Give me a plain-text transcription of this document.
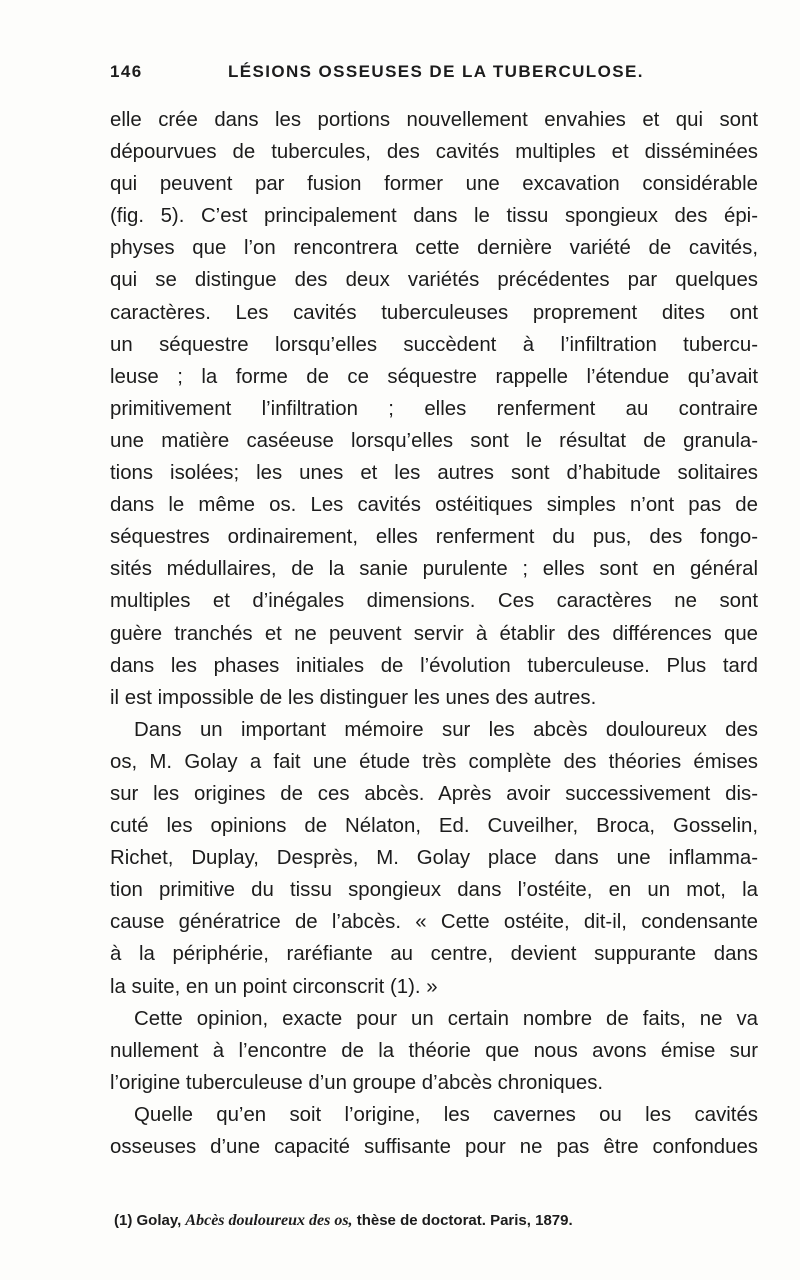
146	LÉSIONS OSSEUSES DE LA TUBERCULOSE.
elle crée dans les portions nouvellement envahies et qui sont
dépourvues de tubercules, des cavités multiples et disséminées
qui peuvent par fusion former une excavation considérable
(fig. 5). C’est principalement dans le tissu spongieux des épi-
physes que l’on rencontrera cette dernière variété de cavités,
qui se distingue des deux variétés précédentes par quelques
caractères. Les cavités tuberculeuses proprement dites ont
un séquestre lorsqu’elles succèdent à l’infiltration tubercu-
leuse ; la forme de ce séquestre rappelle l’étendue qu’avait
primitivement l’infiltration ; elles renferment au contraire
une matière caséeuse lorsqu’elles sont le résultat de granula-
tions isolées; les unes et les autres sont d’habitude solitaires
dans le même os. Les cavités ostéitiques simples n’ont pas de
séquestres ordinairement, elles renferment du pus, des fongo-
sités médullaires, de la sanie purulente ; elles sont en général
multiples et d’inégales dimensions. Ces caractères ne sont
guère tranchés et ne peuvent servir à établir des différences que
dans les phases initiales de l’évolution tuberculeuse. Plus tard
il est impossible de les distinguer les unes des autres.
Dans un important mémoire sur les abcès douloureux des
os, M. Golay a fait une étude très complète des théories émises
sur les origines de ces abcès. Après avoir successivement dis-
cuté les opinions de Nélaton, Ed. Cuveilher, Broca, Gosselin,
Richet, Duplay, Desprès, M. Golay place dans une inflamma-
tion primitive du tissu spongieux dans l’ostéite, en un mot, la
cause génératrice de l’abcès. « Cette ostéite, dit-il, condensante
à la périphérie, raréfiante au centre, devient suppurante dans
la suite, en un point circonscrit (1). »
Cette opinion, exacte pour un certain nombre de faits, ne va
nullement à l’encontre de la théorie que nous avons émise sur
l’origine tuberculeuse d’un groupe d’abcès chroniques.
Quelle qu’en soit l’origine, les cavernes ou les cavités
osseuses d’une capacité suffisante pour ne pas être confondues
(1) Golay, Abcès douloureux des os, thèse de doctorat. Paris, 1879.
